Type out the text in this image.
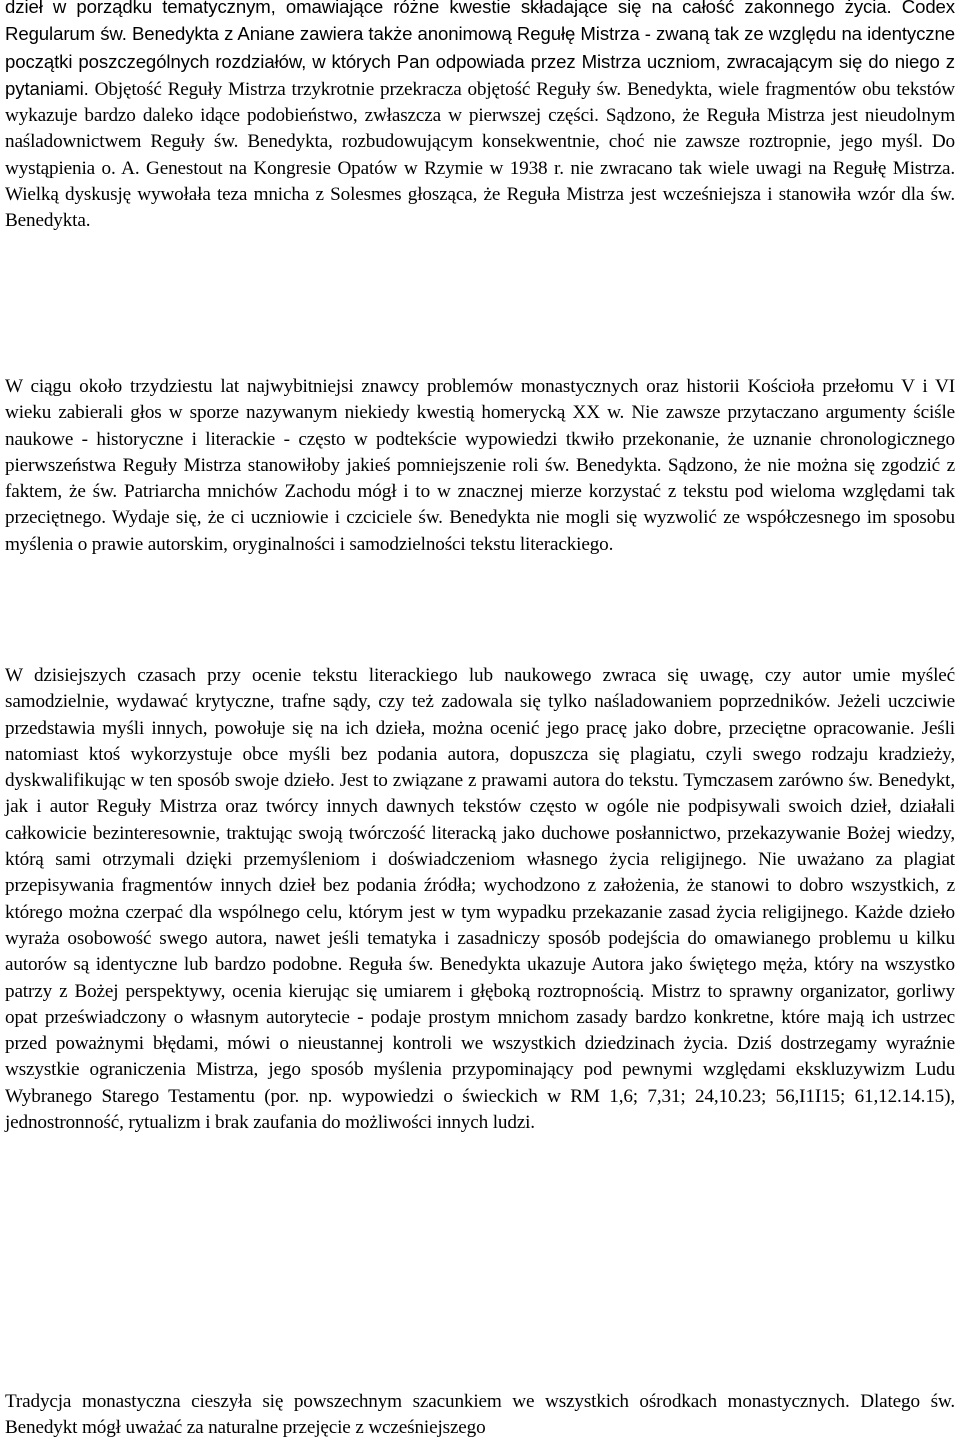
dzieł w porządku tematycznym, omawiające różne kwestie składające się na całość zakonnego życia. Codex Regularum św. Benedykta z Aniane zawiera także anonimową Regułę Mistrza - zwaną tak ze względu na identyczne początki poszczególnych rozdziałów, w których Pan odpowiada przez Mistrza uczniom, zwracającym się do niego z pytaniami. Objętość Reguły Mistrza trzykrotnie przekracza objętość Reguły św. Benedykta, wiele fragmentów obu tekstów wykazuje bardzo daleko idące podobieństwo, zwłaszcza w pierwszej części. Sądzono, że Reguła Mistrza jest nieudolnym naśladownictwem Reguły św. Benedykta, rozbudowującym konsekwentnie, choć nie zawsze roztropnie, jego myśl. Do wystąpienia o. A. Genestout na Kongresie Opatów w Rzymie w 1938 r. nie zwracano tak wiele uwagi na Regułę Mistrza. Wielką dyskusję wywołała teza mnicha z Solesmes głosząca, że Reguła Mistrza jest wcześniejsza i stanowiła wzór dla św. Benedykta.

W ciągu około trzydziestu lat najwybitniejsi znawcy problemów monastycznych oraz historii Kościoła przełomu V i VI wieku zabierali głos w sporze nazywanym niekiedy kwestią homerycką XX w. Nie zawsze przytaczano argumenty ściśle naukowe - historyczne i literackie - często w podtekście wypowiedzi tkwiło przekonanie, że uznanie chronologicznego pierwszeństwa Reguły Mistrza stanowiłoby jakieś pomniejszenie roli św. Benedykta. Sądzono, że nie można się zgodzić z faktem, że św. Patriarcha mnichów Zachodu mógł i to w znacznej mierze korzystać z tekstu pod wieloma względami tak przeciętnego. Wydaje się, że ci uczniowie i czciciele św. Benedykta nie mogli się wyzwolić ze współczesnego im sposobu myślenia o prawie autorskim, oryginalności i samodzielności tekstu literackiego.

W dzisiejszych czasach przy ocenie tekstu literackiego lub naukowego zwraca się uwagę, czy autor umie myśleć samodzielnie, wydawać krytyczne, trafne sądy, czy też zadowala się tylko naśladowaniem poprzedników. Jeżeli uczciwie przedstawia myśli innych, powołuje się na ich dzieła, można ocenić jego pracę jako dobre, przeciętne opracowanie. Jeśli natomiast ktoś wykorzystuje obce myśli bez podania autora, dopuszcza się plagiatu, czyli swego rodzaju kradzieży, dyskwalifikując w ten sposób swoje dzieło. Jest to związane z prawami autora do tekstu. Tymczasem zarówno św. Benedykt, jak i autor Reguły Mistrza oraz twórcy innych dawnych tekstów często w ogóle nie podpisywali swoich dzieł, działali całkowicie bezinteresownie, traktując swoją twórczość literacką jako duchowe posłannictwo, przekazywanie Bożej wiedzy, którą sami otrzymali dzięki przemyśleniom i doświadczeniom własnego życia religijnego. Nie uważano za plagiat przepisywania fragmentów innych dzieł bez podania źródła; wychodzono z założenia, że stanowi to dobro wszystkich, z którego można czerpać dla wspólnego celu, którym jest w tym wypadku przekazanie zasad życia religijnego. Każde dzieło wyraża osobowość swego autora, nawet jeśli tematyka i zasadniczy sposób podejścia do omawianego problemu u kilku autorów są identyczne lub bardzo podobne. Reguła św. Benedykta ukazuje Autora jako świętego męża, który na wszystko patrzy z Bożej perspektywy, ocenia kierując się umiarem i głęboką roztropnością. Mistrz to sprawny organizator, gorliwy opat przeświadczony o własnym autorytecie - podaje prostym mnichom zasady bardzo konkretne, które mają ich ustrzec przed poważnymi błędami, mówi o nieustannej kontroli we wszystkich dziedzinach życia. Dziś dostrzegamy wyraźnie wszystkie ograniczenia Mistrza, jego sposób myślenia przypominający pod pewnymi względami ekskluzywizm Ludu Wybranego Starego Testamentu (por. np. wypowiedzi o świeckich w RM 1,6; 7,31; 24,10.23; 56,I1I15; 61,12.14.15), jednostronność, rytualizm i brak zaufania do możliwości innych ludzi.

Tradycja monastyczna cieszyła się powszechnym szacunkiem we wszystkich ośrodkach monastycznych. Dlatego św. Benedykt mógł uważać za naturalne przejęcie z wcześniejszego
